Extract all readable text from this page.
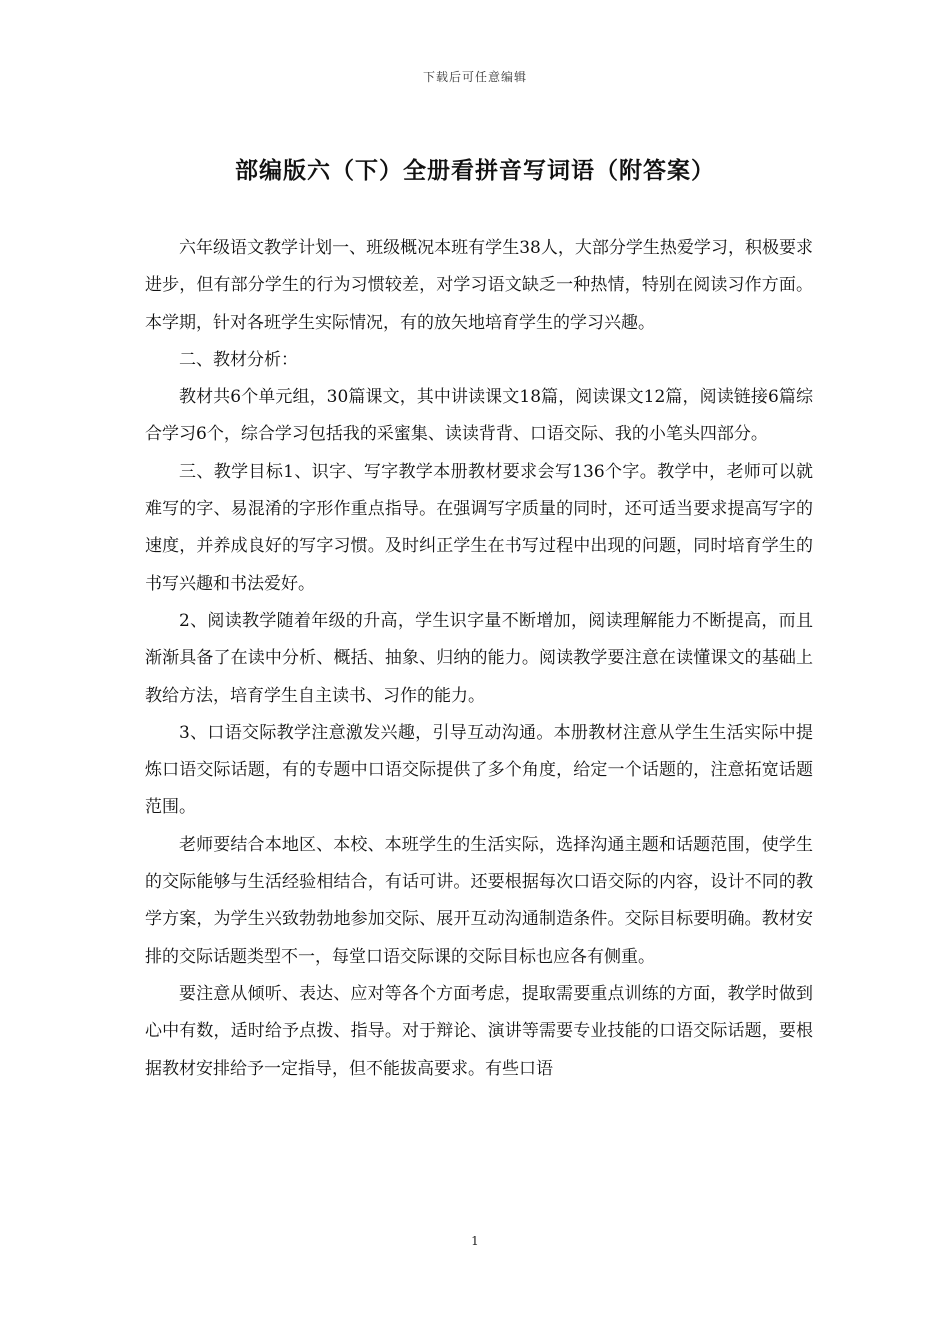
下载后可任意编辑
部编版六（下）全册看拼音写词语（附答案）

六年级语文教学计划一、班级概况本班有学生38人，大部分学生热爱学习，积极要求进步，但有部分学生的行为习惯较差，对学习语文缺乏一种热情，特别在阅读习作方面。本学期，针对各班学生实际情况，有的放矢地培育学生的学习兴趣。

二、教材分析：

教材共6个单元组，30篇课文，其中讲读课文18篇，阅读课文12篇，阅读链接6篇综合学习6个，综合学习包括我的采蜜集、读读背背、口语交际、我的小笔头四部分。

三、教学目标1、识字、写字教学本册教材要求会写136个字。教学中，老师可以就难写的字、易混淆的字形作重点指导。在强调写字质量的同时，还可适当要求提高写字的速度，并养成良好的写字习惯。及时纠正学生在书写过程中出现的问题，同时培育学生的书写兴趣和书法爱好。

2、阅读教学随着年级的升高，学生识字量不断增加，阅读理解能力不断提高，而且渐渐具备了在读中分析、概括、抽象、归纳的能力。阅读教学要注意在读懂课文的基础上教给方法，培育学生自主读书、习作的能力。

3、口语交际教学注意激发兴趣，引导互动沟通。本册教材注意从学生生活实际中提炼口语交际话题，有的专题中口语交际提供了多个角度，给定一个话题的，注意拓宽话题范围。

老师要结合本地区、本校、本班学生的生活实际，选择沟通主题和话题范围，使学生的交际能够与生活经验相结合，有话可讲。还要根据每次口语交际的内容，设计不同的教学方案，为学生兴致勃勃地参加交际、展开互动沟通制造条件。交际目标要明确。教材安排的交际话题类型不一，每堂口语交际课的交际目标也应各有侧重。

要注意从倾听、表达、应对等各个方面考虑，提取需要重点训练的方面，教学时做到心中有数，适时给予点拨、指导。对于辩论、演讲等需要专业技能的口语交际话题，要根据教材安排给予一定指导，但不能拔高要求。有些口语

1
